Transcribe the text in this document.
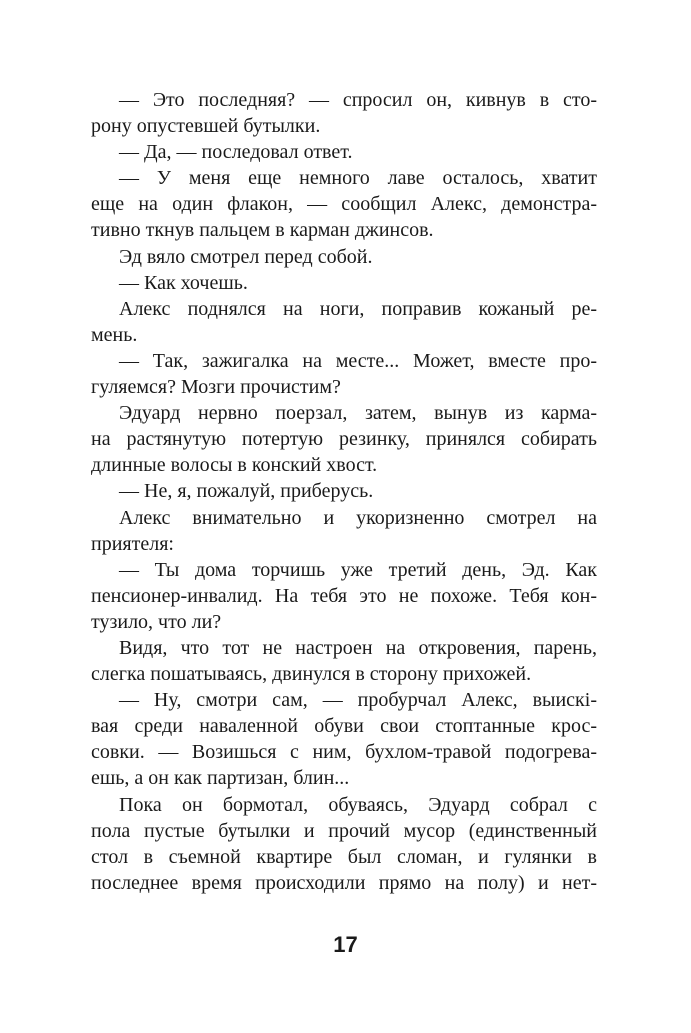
— Это последняя? — спросил он, кивнув в сто-
рону опустевшей бутылки.
— Да, — последовал ответ.
— У меня еще немного лаве осталось, хватит
еще на один флакон, — сообщил Алекс, демонстра-
тивно ткнув пальцем в карман джинсов.
Эд вяло смотрел перед собой.
— Как хочешь.
Алекс поднялся на ноги, поправив кожаный ре-
мень.
— Так, зажигалка на месте... Может, вместе про-
гуляемся? Мозги прочистим?
Эдуард нервно поерзал, затем, вынув из карма-
на растянутую потертую резинку, принялся собирать
длинные волосы в конский хвост.
— Не, я, пожалуй, приберусь.
Алекс внимательно и укоризненно смотрел на
приятеля:
— Ты дома торчишь уже третий день, Эд. Как
пенсионер-инвалид. На тебя это не похоже. Тебя кон-
тузило, что ли?
Видя, что тот не настроен на откровения, парень,
слегка пошатываясь, двинулся в сторону прихожей.
— Ну, смотри сам, — пробурчал Алекс, выискі-
вая среди наваленной обуви свои стоптанные крос-
совки. — Возишься с ним, бухлом-травой подогрева-
ешь, а он как партизан, блин...
Пока он бормотал, обуваясь, Эдуард собрал с
пола пустые бутылки и прочий мусор (единственный
стол в съемной квартире был сломан, и гулянки в
последнее время происходили прямо на полу) и нет-
17
